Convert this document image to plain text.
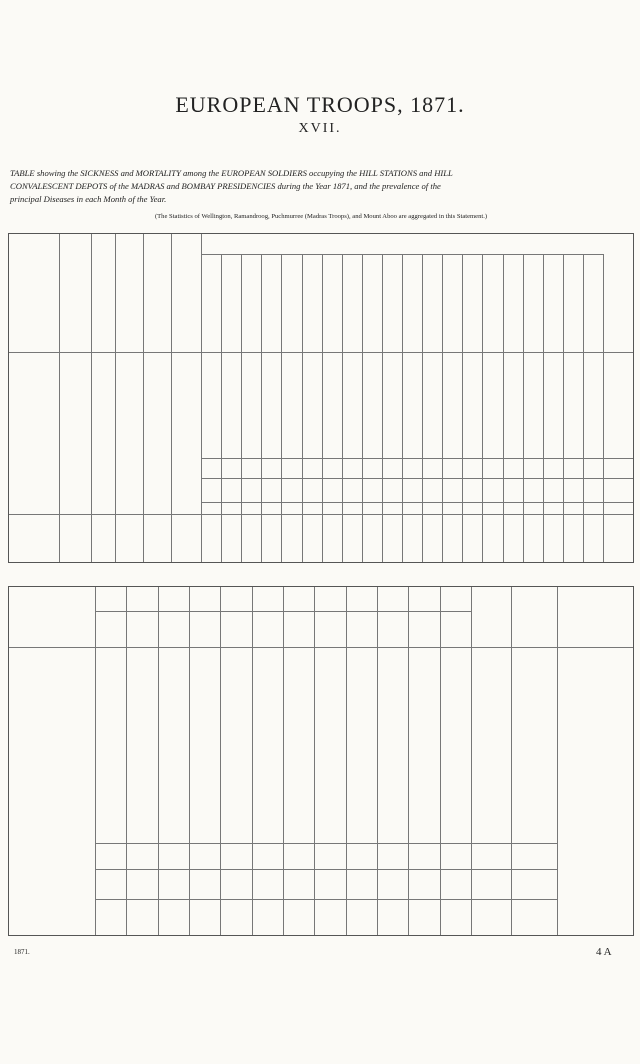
EUROPEAN TROOPS, 1871.
XVII.
TABLE showing the SICKNESS and MORTALITY among the EUROPEAN SOLDIERS occupying the HILL STATIONS and HILL
CONVALESCENT DEPOTS of the MADRAS and BOMBAY PRESIDENCIES during the Year 1871, and the prevalence of the
principal Diseases in each Month of the Year.
(The Statistics of Wellington, Ramandroog, Puchmurree (Madras Troops), and Mount Aboo are aggregated in this Statement.)
1871.	4 A
